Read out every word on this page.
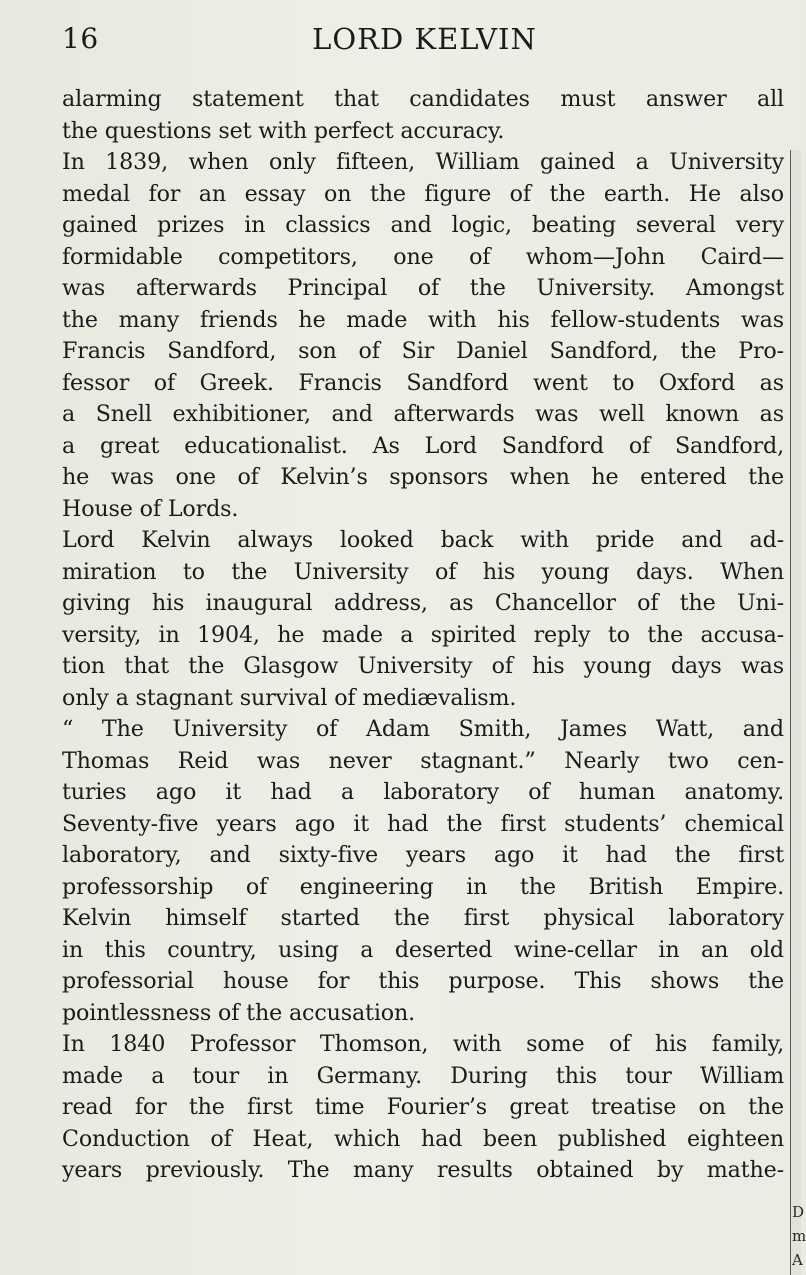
16	LORD KELVIN
alarming statement that candidates must answer all
the questions set with perfect accuracy.
In 1839, when only fifteen, William gained a University
medal for an essay on the figure of the earth. He also
gained prizes in classics and logic, beating several very
formidable competitors, one of whom—John Caird—
was afterwards Principal of the University. Amongst
the many friends he made with his fellow-students was
Francis Sandford, son of Sir Daniel Sandford, the Pro-
fessor of Greek. Francis Sandford went to Oxford as
a Snell exhibitioner, and afterwards was well known as
a great educationalist. As Lord Sandford of Sandford,
he was one of Kelvin’s sponsors when he entered the
House of Lords.
Lord Kelvin always looked back with pride and ad-
miration to the University of his young days. When
giving his inaugural address, as Chancellor of the Uni-
versity, in 1904, he made a spirited reply to the accusa-
tion that the Glasgow University of his young days was
only a stagnant survival of mediævalism.
“ The University of Adam Smith, James Watt, and
Thomas Reid was never stagnant.” Nearly two cen-
turies ago it had a laboratory of human anatomy.
Seventy-five years ago it had the first students’ chemical
laboratory, and sixty-five years ago it had the first
professorship of engineering in the British Empire.
Kelvin himself started the first physical laboratory
in this country, using a deserted wine-cellar in an old
professorial house for this purpose. This shows the
pointlessness of the accusation.
In 1840 Professor Thomson, with some of his family,
made a tour in Germany. During this tour William
read for the first time Fourier’s great treatise on the
Conduction of Heat, which had been published eighteen
years previously. The many results obtained by mathe-
D
m
A
